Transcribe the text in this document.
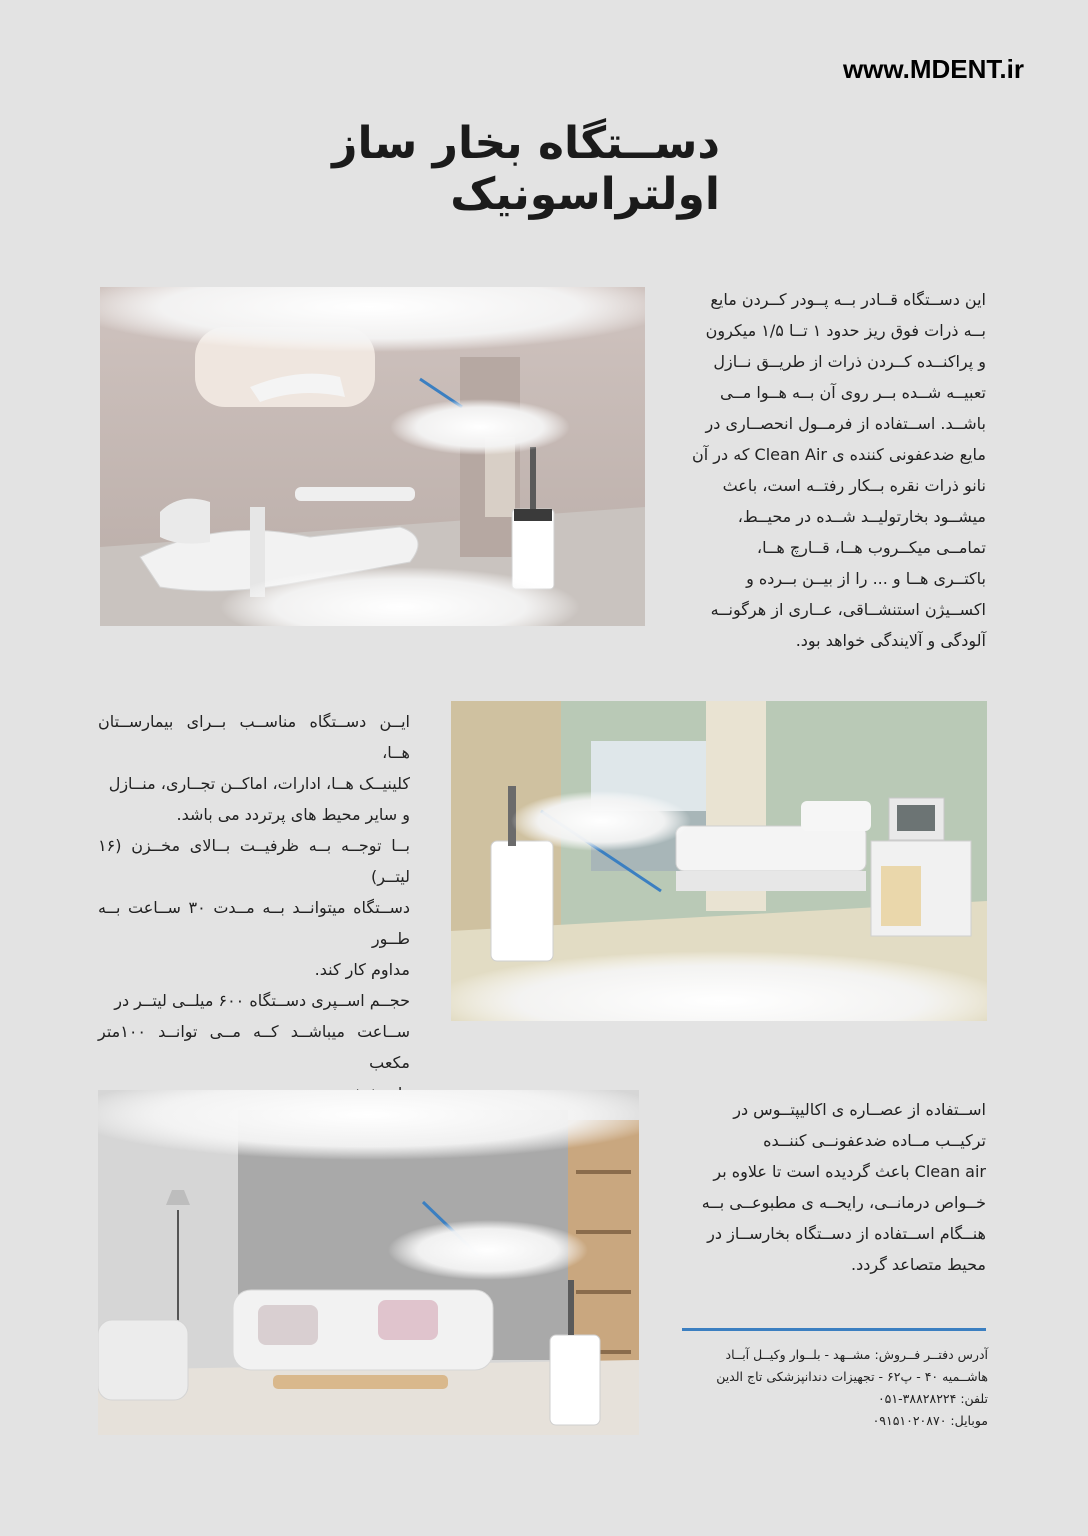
www.MDENT.ir
دســتگاه بخار ساز اولتراسونیک
این دســتگاه قــادر بــه پــودر کــردن مایع
بــه ذرات فوق ریز حدود ۱ تــا ۱/۵ میکرون
و پراکنــده کــردن ذرات از طریــق نــازل
تعبیــه شــده بــر روی آن بــه هــوا مــی
باشــد. اســتفاده از فرمــول انحصــاری در
مایع ضدعفونی کننده ی Clean Air که در آن
نانو ذرات نقره بــکار رفتــه است، باعث
میشــود بخارتولیــد شــده در محیــط،
تمامــی میکــروب هــا، قــارچ هــا،
باکتــری هــا و ... را از بیــن بــرده و
اکســیژن استنشــاقی، عــاری از هرگونــه
آلودگی و آلایندگی خواهد بود.
ایــن دســتگاه مناســب بــرای بیمارســتان هــا،
کلینیــک هــا، ادارات، اماکــن تجــاری، منــازل
و سایر محیط های پرتردد می باشد.
بــا توجــه بــه ظرفیــت بــالای مخــزن (۱۶ لیتــر)
دســتگاه میتوانــد بــه مــدت ۳۰ ســاعت بــه طــور
مداوم کار کند.
حجــم اســپری دســتگاه ۶۰۰ میلــی لیتــر در
ســاعت میباشــد کــه مــی توانــد ۱۰۰متر مکعب
اســتفاده از عصــاره ی اکالیپتــوس در
ترکیــب مــاده ضدعفونــی کننــده
Clean air باعث گردیده است تا علاوه بر
خــواص درمانــی، رایحــه ی مطبوعــی بــه
هنــگام اســتفاده از دســتگاه بخارســاز در
محیط متصاعد گردد.
آدرس دفتــر فــروش: مشــهد - بلــوار وکیــل آبــاد
هاشــمیه ۴۰ - پ۶۲ - تجهیزات دندانپزشکی تاج الدین
تلفن: ۳۸۸۲۸۲۲۴-۰۵۱
موبایل: ۰۹۱۵۱۰۲۰۸۷۰
